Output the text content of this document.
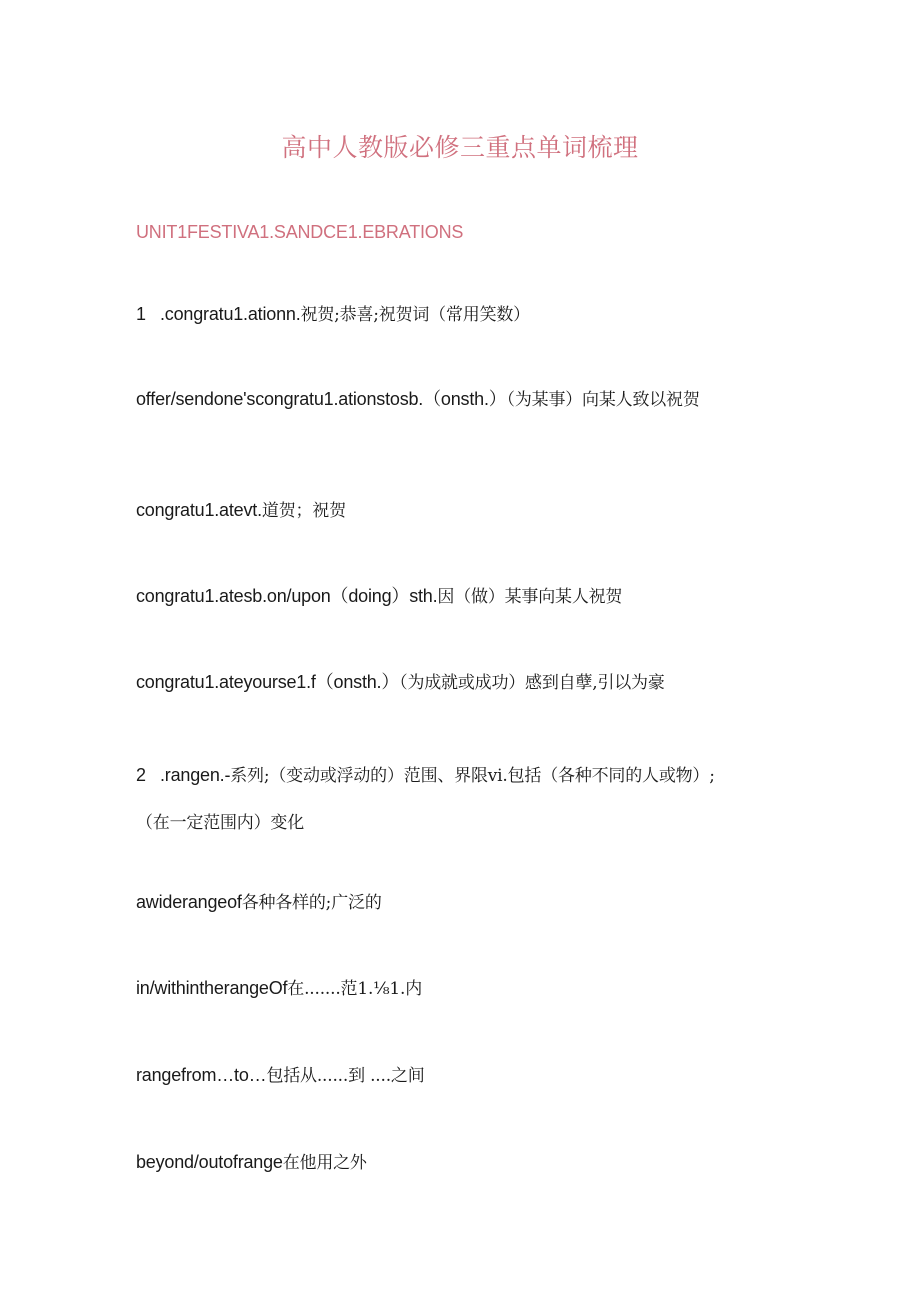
高中人教版必修三重点单词梳理
UNIT1FESTIVA1.SANDCE1.EBRATIONS
1 .congratu1.ationn.祝贺;恭喜;祝贺词（常用笑数）
offer/sendone'scongratu1.ationstosb.（onsth.）（为某事）向某人致以祝贺
congratu1.atevt.道贺；祝贺
congratu1.atesb.on/upon（doing）sth.因（做）某事向某人祝贺
congratu1.ateyourse1.f（onsth.）（为成就或成功）感到自孽,引以为豪
2 .rangen.-系列;（变动或浮动的）范围、界限vi.包括（各种不同的人或物）;（在一定范围内）变化
awiderangeof各种各样的;广泛的
in/withintherangeOf在.......范1.⅛1.内
rangefrom…to…包括从......到 ....之间
beyond/outofrange在他用之外
